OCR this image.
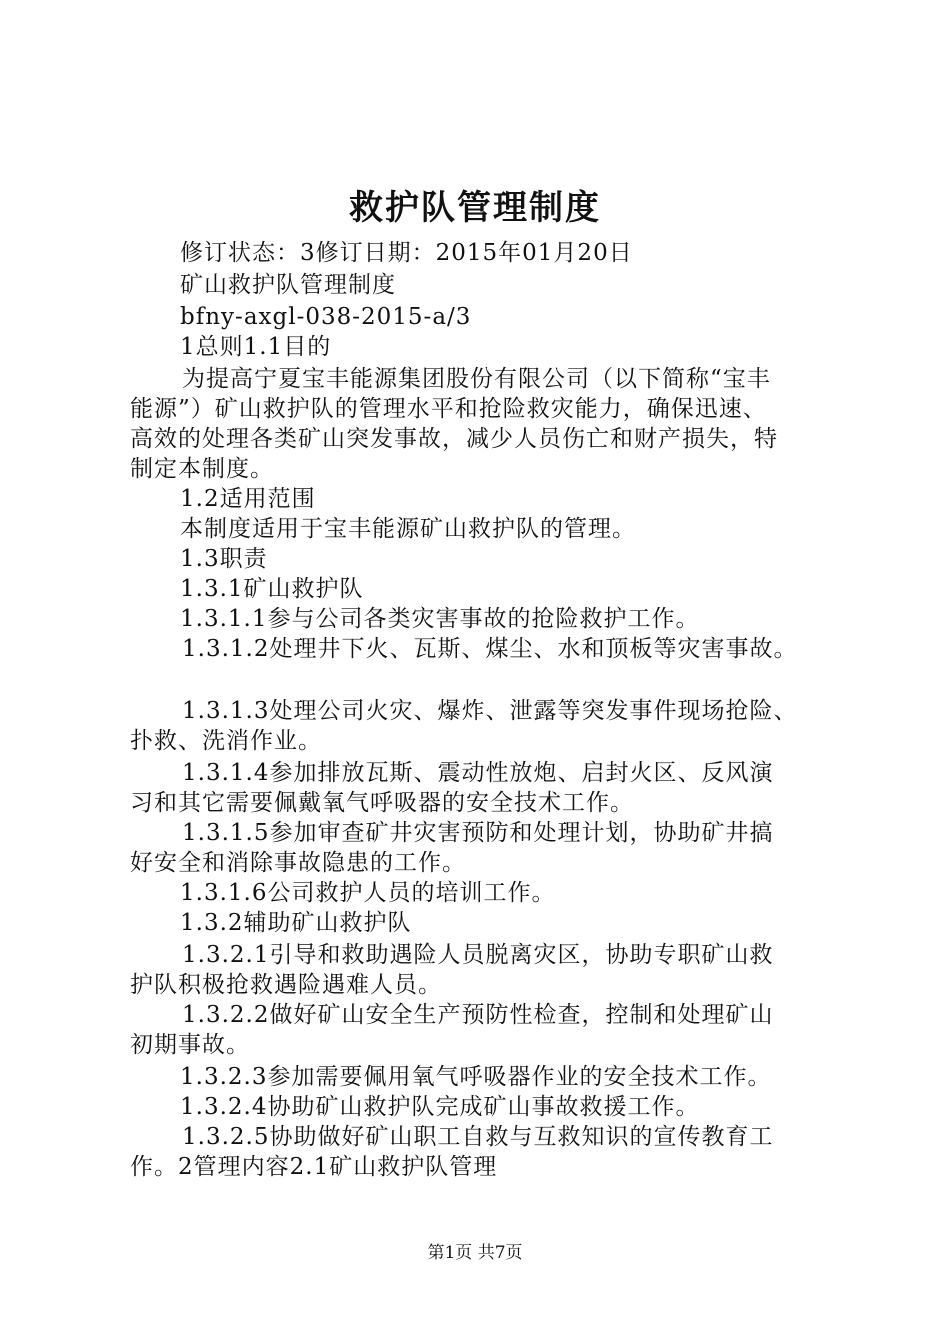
救护队管理制度
修订状态：3修订日期：2015年01月20日
矿山救护队管理制度
bfny-axgl-038-2015-a/3
1总则1.1目的
为提高宁夏宝丰能源集团股份有限公司（以下简称“宝丰
能源”）矿山救护队的管理水平和抢险救灾能力，确保迅速、
高效的处理各类矿山突发事故，减少人员伤亡和财产损失，特
制定本制度。
1.2适用范围
本制度适用于宝丰能源矿山救护队的管理。
1.3职责
1.3.1矿山救护队
1.3.1.1参与公司各类灾害事故的抢险救护工作。
1.3.1.2处理井下火、瓦斯、煤尘、水和顶板等灾害事故。
1.3.1.3处理公司火灾、爆炸、泄露等突发事件现场抢险、
扑救、洗消作业。
1.3.1.4参加排放瓦斯、震动性放炮、启封火区、反风演
习和其它需要佩戴氧气呼吸器的安全技术工作。
1.3.1.5参加审查矿井灾害预防和处理计划，协助矿井搞
好安全和消除事故隐患的工作。
1.3.1.6公司救护人员的培训工作。
1.3.2辅助矿山救护队
1.3.2.1引导和救助遇险人员脱离灾区，协助专职矿山救
护队积极抢救遇险遇难人员。
1.3.2.2做好矿山安全生产预防性检查，控制和处理矿山
初期事故。
1.3.2.3参加需要佩用氧气呼吸器作业的安全技术工作。
1.3.2.4协助矿山救护队完成矿山事故救援工作。
1.3.2.5协助做好矿山职工自救与互救知识的宣传教育工
作。2管理内容2.1矿山救护队管理
第1页 共7页
